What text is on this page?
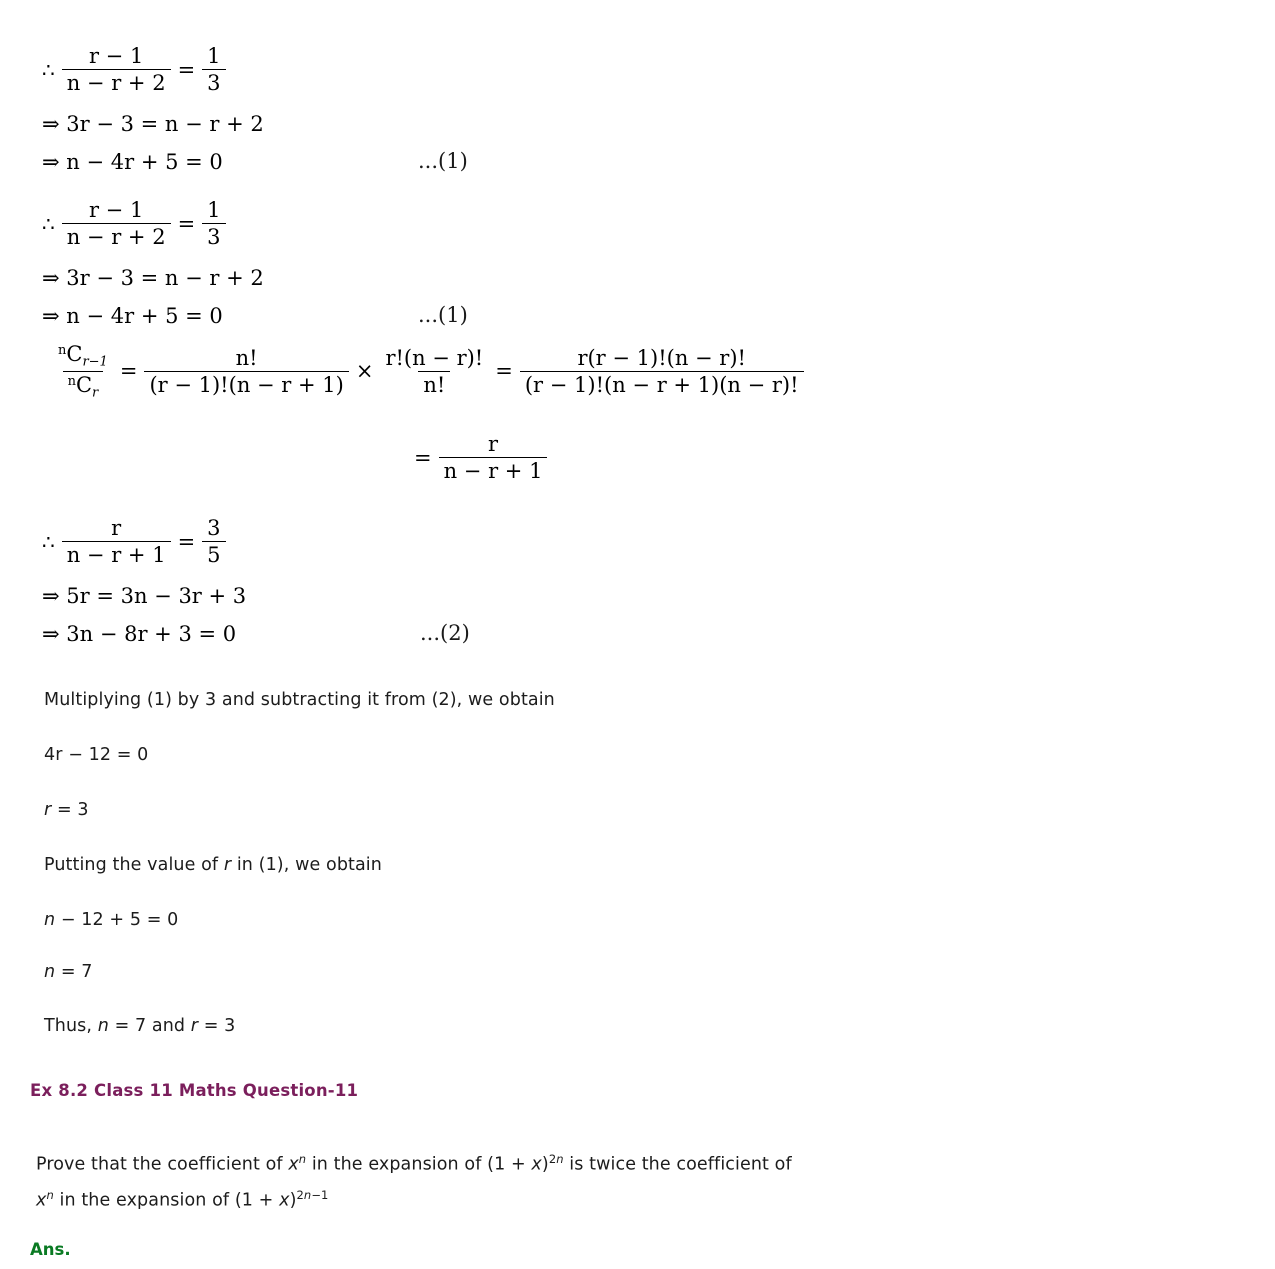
∴ $\frac{r - 1}{n - r + 2} = \frac{1}{3}$
⇒ 3r − 3 = n − r + 2
⇒ n − 4r + 5 = 0	...(1)
∴ $\frac{r - 1}{n - r + 2} = \frac{1}{3}$
⇒ 3r − 3 = n − r + 2
⇒ n − 4r + 5 = 0	...(1)
$\frac{^nC_{r-1}}{^nC_r} = \frac{n!}{(r - 1)!(n - r + 1)} \times \frac{r!(n - r)!}{n!} = \frac{r(r - 1)!(n - r)!}{(r - 1)!(n - r + 1)(n - r)!}$
= $\frac{r}{n - r + 1}$
∴ $\frac{r}{n - r + 1} = \frac{3}{5}$
⇒ 5r = 3n − 3r + 3
⇒ 3n − 8r + 3 = 0	...(2)
Multiplying (1) by 3 and subtracting it from (2), we obtain
4r − 12 = 0
r = 3
Putting the value of r in (1), we obtain
n − 12 + 5 = 0
n = 7
Thus, n = 7 and r = 3
Ex 8.2 Class 11 Maths Question-11
Prove that the coefficient of $x^n$ in the expansion of $(1 + x)^{2n}$ is twice the coefficient of
$x^n$ in the expansion of $(1 + x)^{2n-1}$
Ans.
